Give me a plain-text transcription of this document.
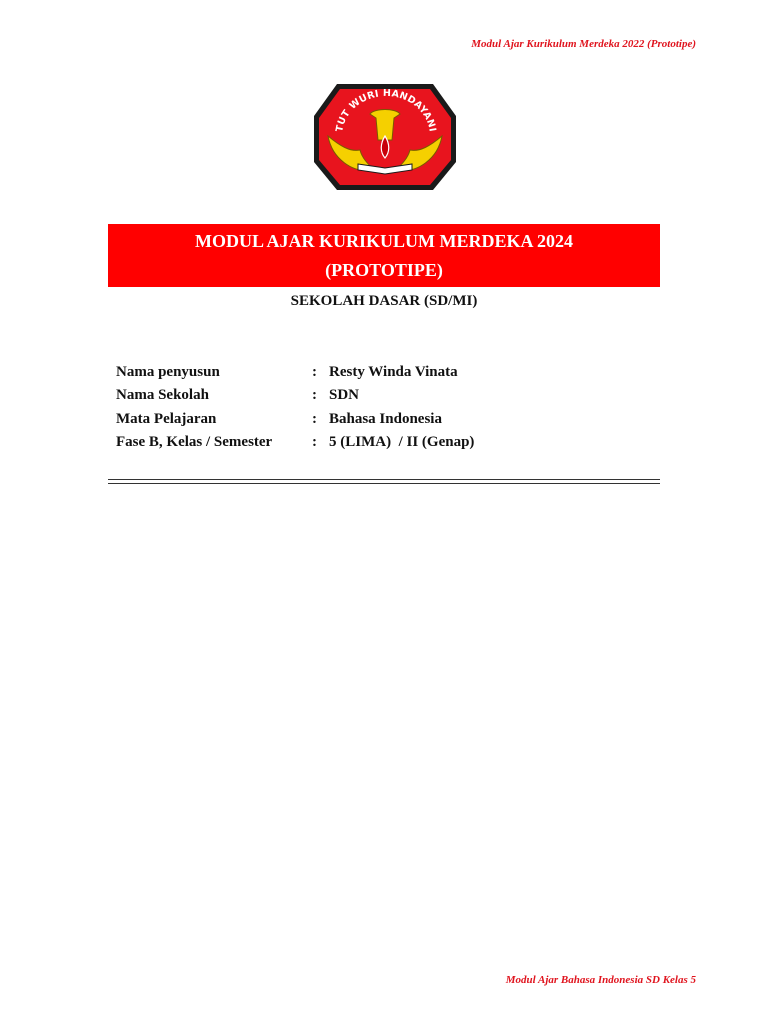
Modul Ajar Kurikulum Merdeka 2022 (Prototipe)

TUT WURI HANDAYANI
MODUL AJAR KURIKULUM MERDEKA 2024
(PROTOTIPE)

SEKOLAH DASAR (SD/MI)

Nama penyusun	:	Resty Winda Vinata
Nama Sekolah	:	SDN
Mata Pelajaran	:	Bahasa Indonesia
Fase B, Kelas / Semester	:	5 (LIMA)  / II (Genap)

Modul Ajar Bahasa Indonesia SD Kelas 5
